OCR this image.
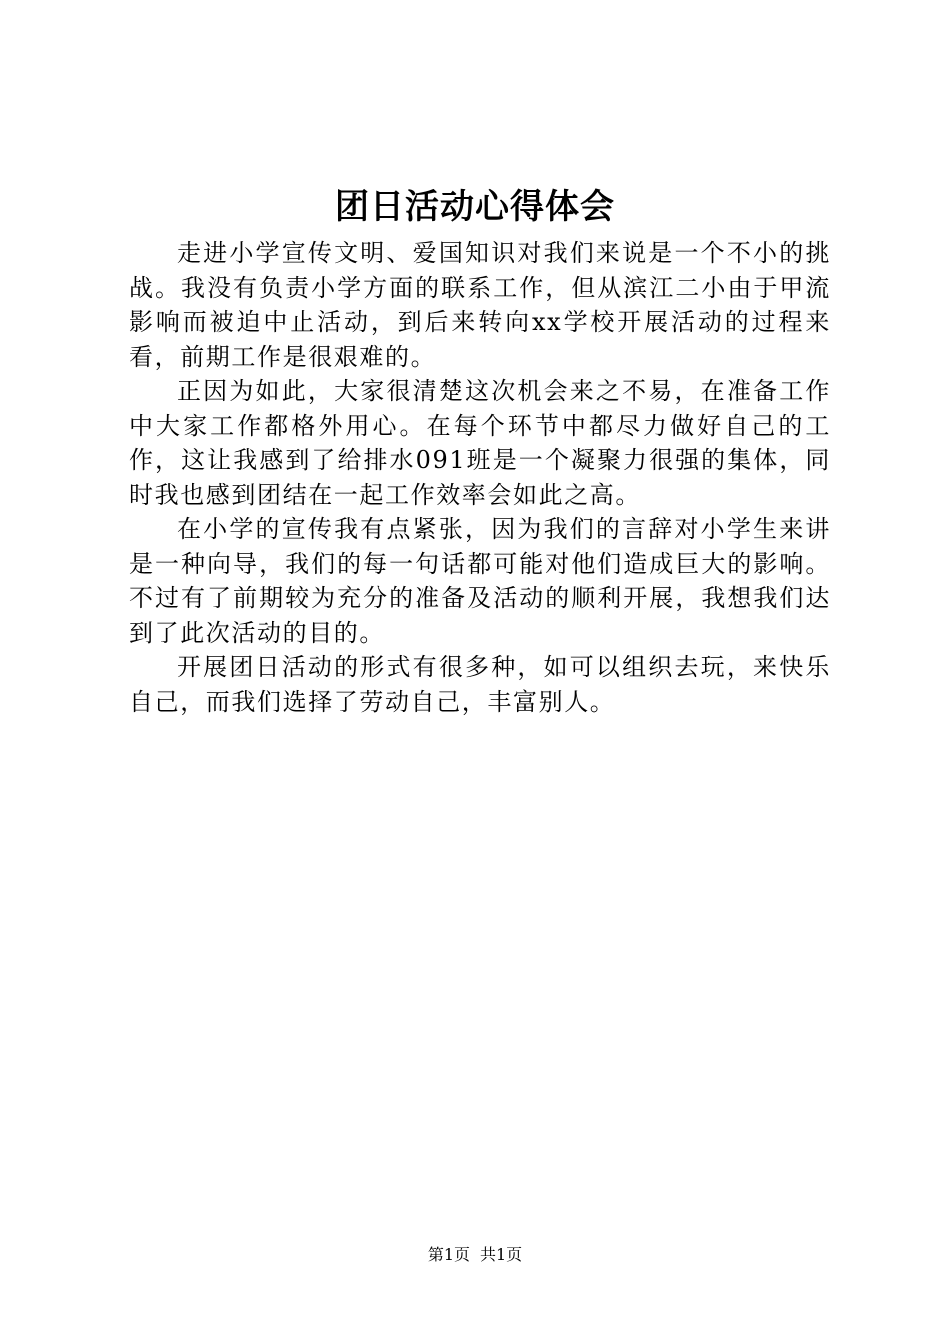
团日活动心得体会

走进小学宣传文明、爱国知识对我们来说是一个不小的挑战。我没有负责小学方面的联系工作，但从滨江二小由于甲流影响而被迫中止活动，到后来转向xx学校开展活动的过程来看，前期工作是很艰难的。

正因为如此，大家很清楚这次机会来之不易，在准备工作中大家工作都格外用心。在每个环节中都尽力做好自己的工作，这让我感到了给排水091班是一个凝聚力很强的集体，同时我也感到团结在一起工作效率会如此之高。

在小学的宣传我有点紧张，因为我们的言辞对小学生来讲是一种向导，我们的每一句话都可能对他们造成巨大的影响。不过有了前期较为充分的准备及活动的顺利开展，我想我们达到了此次活动的目的。

开展团日活动的形式有很多种，如可以组织去玩，来快乐自己，而我们选择了劳动自己，丰富别人。

第1页 共1页
